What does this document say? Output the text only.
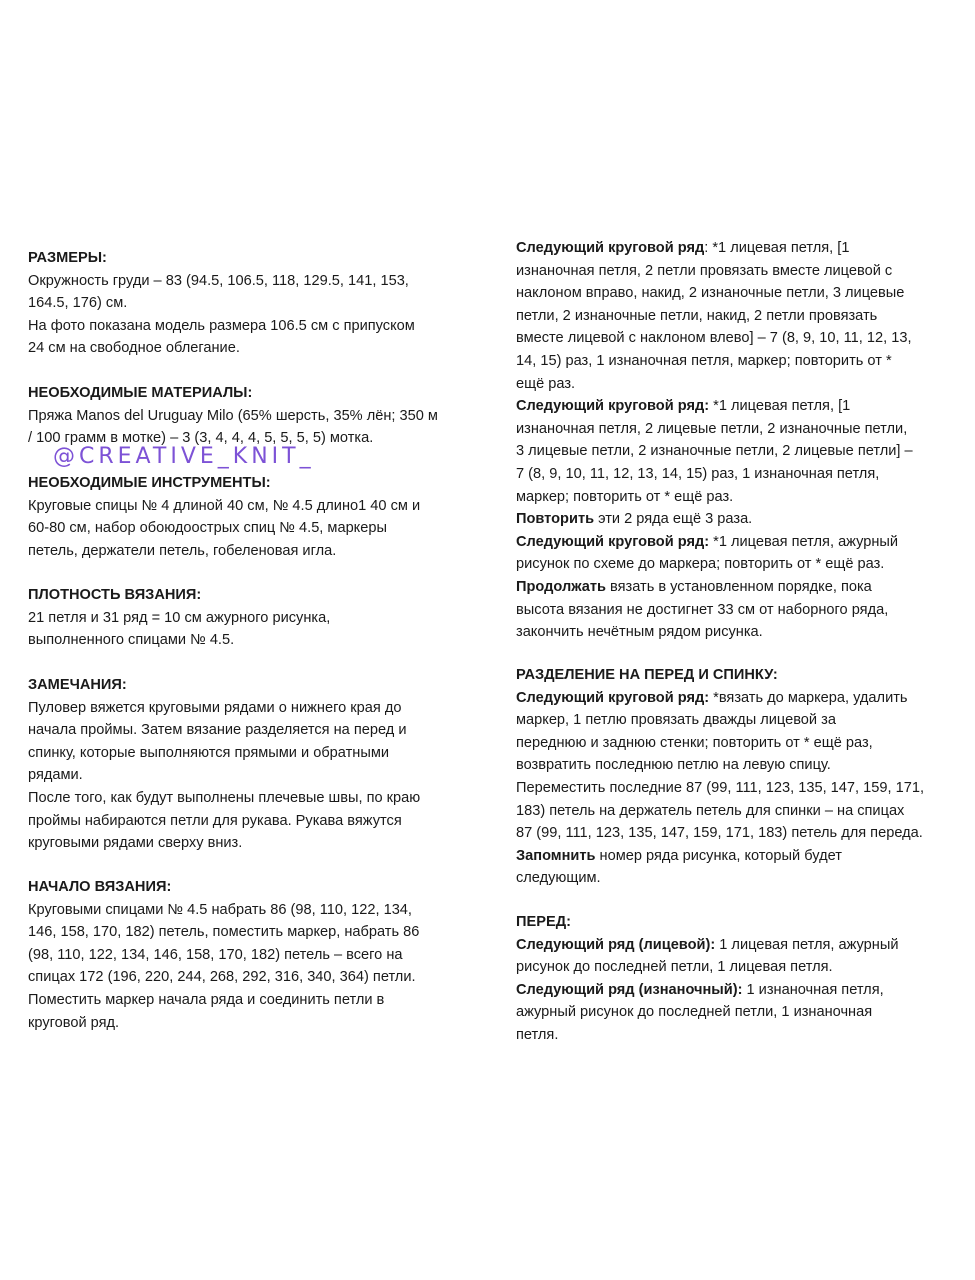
РАЗМЕРЫ:
Окружность груди – 83 (94.5, 106.5, 118, 129.5, 141, 153,
164.5, 176) см.
На фото показана модель размера 106.5 см с припуском
24 см на свободное облегание.
НЕОБХОДИМЫЕ МАТЕРИАЛЫ:
Пряжа Manos del Uruguay Milo (65% шерсть, 35% лён; 350 м
/ 100 грамм в мотке) – 3 (3, 4, 4, 4, 5, 5, 5, 5) мотка.
НЕОБХОДИМЫЕ ИНСТРУМЕНТЫ:
Круговые спицы № 4 длиной 40 см, № 4.5 длино1 40 см и
60-80 см, набор обоюдоострых спиц № 4.5, маркеры
петель, держатели петель, гобеленовая игла.
ПЛОТНОСТЬ ВЯЗАНИЯ:
21 петля и 31 ряд = 10 см ажурного рисунка,
выполненного спицами № 4.5.
ЗАМЕЧАНИЯ:
Пуловер вяжется круговыми рядами о нижнего края до
начала проймы. Затем вязание разделяется на перед и
спинку, которые выполняются прямыми и обратными
рядами.
После того, как будут выполнены плечевые швы, по краю
проймы набираются петли для рукава. Рукава вяжутся
круговыми рядами сверху вниз.
НАЧАЛО ВЯЗАНИЯ:
Круговыми спицами № 4.5 набрать 86 (98, 110, 122, 134,
146, 158, 170, 182) петель, поместить маркер, набрать 86
(98, 110, 122, 134, 146, 158, 170, 182) петель – всего на
спицах 172 (196, 220, 244, 268, 292, 316, 340, 364) петли.
Поместить маркер начала ряда и соединить петли в
круговой ряд.
@CREATIVE_KNIT_
Следующий круговой ряд: *1 лицевая петля, [1
изнаночная петля, 2 петли провязать вместе лицевой с
наклоном вправо, накид, 2 изнаночные петли, 3 лицевые
петли, 2 изнаночные петли, накид, 2 петли провязать
вместе лицевой с наклоном влево] – 7 (8, 9, 10, 11, 12, 13,
14, 15) раз, 1 изнаночная петля, маркер; повторить от *
ещё раз.
Следующий круговой ряд: *1 лицевая петля, [1
изнаночная петля, 2 лицевые петли, 2 изнаночные петли,
3 лицевые петли, 2 изнаночные петли, 2 лицевые петли] –
7 (8, 9, 10, 11, 12, 13, 14, 15) раз, 1 изнаночная петля,
маркер; повторить от * ещё раз.
Повторить эти 2 ряда ещё 3 раза.
Следующий круговой ряд: *1 лицевая петля, ажурный
рисунок по схеме до маркера; повторить от * ещё раз.
Продолжать вязать в установленном порядке, пока
высота вязания не достигнет 33 см от наборного ряда,
закончить нечётным рядом рисунка.
РАЗДЕЛЕНИЕ НА ПЕРЕД И СПИНКУ:
Следующий круговой ряд: *вязать до маркера, удалить
маркер, 1 петлю провязать дважды лицевой за
переднюю и заднюю стенки; повторить от * ещё раз,
возвратить последнюю петлю на левую спицу.
Переместить последние 87 (99, 111, 123, 135, 147, 159, 171,
183) петель на держатель петель для спинки – на спицах
87 (99, 111, 123, 135, 147, 159, 171, 183) петель для переда.
Запомнить номер ряда рисунка, который будет
следующим.
ПЕРЕД:
Следующий ряд (лицевой): 1 лицевая петля, ажурный
рисунок до последней петли, 1 лицевая петля.
Следующий ряд (изнаночный): 1 изнаночная петля,
ажурный рисунок до последней петли, 1 изнаночная
петля.
